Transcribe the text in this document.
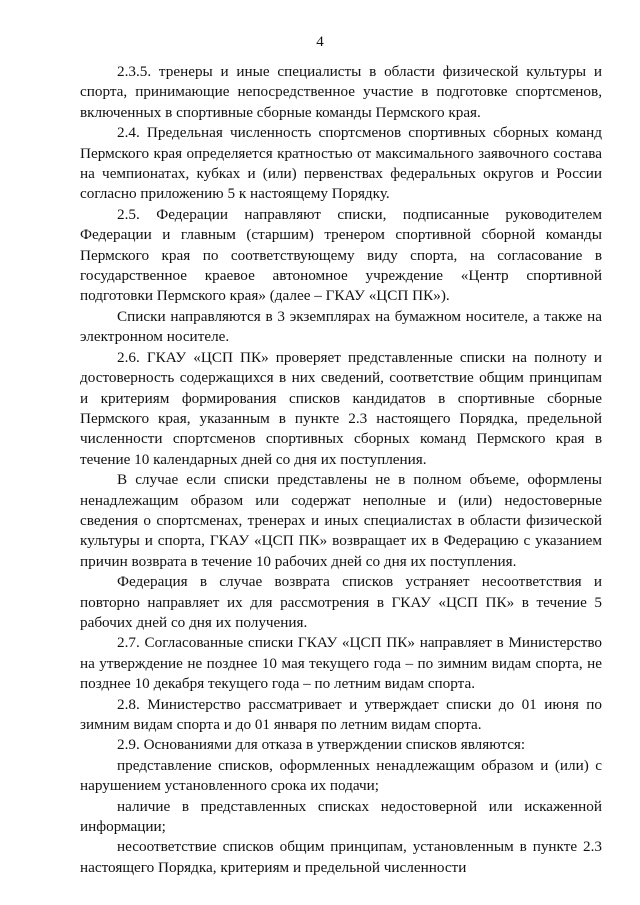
4

2.3.5. тренеры и иные специалисты в области физической культуры и спорта, принимающие непосредственное участие в подготовке спортсменов, включенных в спортивные сборные команды Пермского края.

2.4. Предельная численность спортсменов спортивных сборных команд Пермского края определяется кратностью от максимального заявочного состава на чемпионатах, кубках и (или) первенствах федеральных округов и России согласно приложению 5 к настоящему Порядку.

2.5. Федерации направляют списки, подписанные руководителем Федерации и главным (старшим) тренером спортивной сборной команды Пермского края по соответствующему виду спорта, на согласование в государственное краевое автономное учреждение «Центр спортивной подготовки Пермского края» (далее – ГКАУ «ЦСП ПК»).

Списки направляются в 3 экземплярах на бумажном носителе, а также на электронном носителе.

2.6. ГКАУ «ЦСП ПК» проверяет представленные списки на полноту и достоверность содержащихся в них сведений, соответствие общим принципам и критериям формирования списков кандидатов в спортивные сборные Пермского края, указанным в пункте 2.3 настоящего Порядка, предельной численности спортсменов спортивных сборных команд Пермского края в течение 10 календарных дней со дня их поступления.

В случае если списки представлены не в полном объеме, оформлены ненадлежащим образом или содержат неполные и (или) недостоверные сведения о спортсменах, тренерах и иных специалистах в области физической культуры и спорта, ГКАУ «ЦСП ПК» возвращает их в Федерацию с указанием причин возврата в течение 10 рабочих дней со дня их поступления.

Федерация в случае возврата списков устраняет несоответствия и повторно направляет их для рассмотрения в ГКАУ «ЦСП ПК» в течение 5 рабочих дней со дня их получения.

2.7. Согласованные списки ГКАУ «ЦСП ПК» направляет в Министерство на утверждение не позднее 10 мая текущего года – по зимним видам спорта, не позднее 10 декабря текущего года – по летним видам спорта.

2.8. Министерство рассматривает и утверждает списки до 01 июня по зимним видам спорта и до 01 января по летним видам спорта.

2.9. Основаниями для отказа в утверждении списков являются:

представление списков, оформленных ненадлежащим образом и (или) с нарушением установленного срока их подачи;

наличие в представленных списках недостоверной или искаженной информации;

несоответствие списков общим принципам, установленным в пункте 2.3 настоящего Порядка, критериям и предельной численности
